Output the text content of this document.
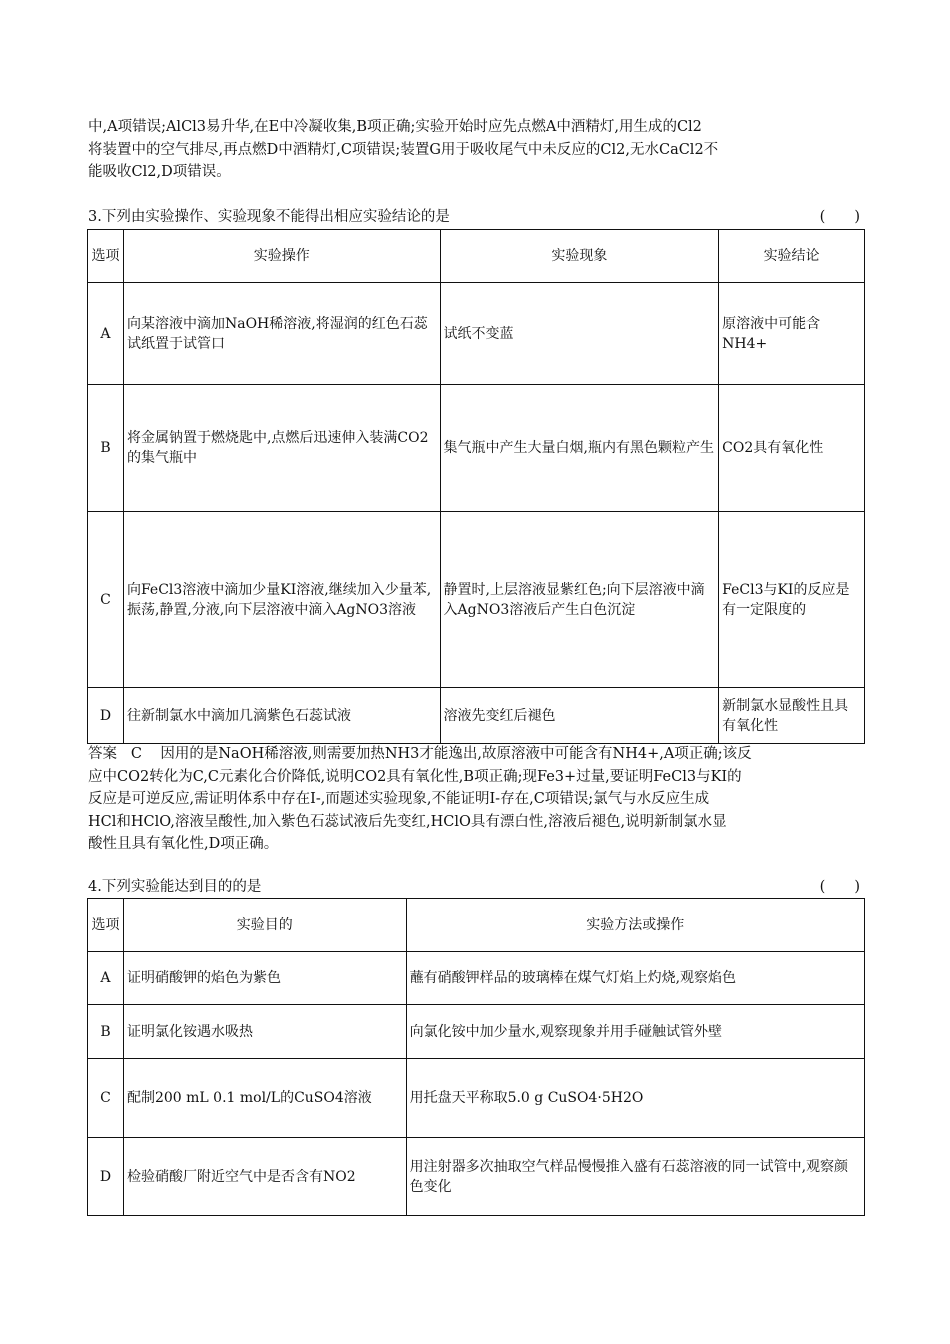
中,A项错误;AlCl3易升华,在E中冷凝收集,B项正确;实验开始时应先点燃A中酒精灯,用生成的Cl2
将装置中的空气排尽,再点燃D中酒精灯,C项错误;装置G用于吸收尾气中未反应的Cl2,无水CaCl2不
能吸收Cl2,D项错误。
3.下列由实验操作、实验现象不能得出相应实验结论的是	(　　)
选项	实验操作	实验现象	实验结论
A	向某溶液中滴加NaOH稀溶液,将湿润的红色石蕊试纸置于试管口	试纸不变蓝	原溶液中可能含NH4+
B	将金属钠置于燃烧匙中,点燃后迅速伸入装满CO2的集气瓶中	集气瓶中产生大量白烟,瓶内有黑色颗粒产生	CO2具有氧化性
C	向FeCl3溶液中滴加少量KI溶液,继续加入少量苯,振荡,静置,分液,向下层溶液中滴入AgNO3溶液	静置时,上层溶液显紫红色;向下层溶液中滴入AgNO3溶液后产生白色沉淀	FeCl3与KI的反应是有一定限度的
D	往新制氯水中滴加几滴紫色石蕊试液	溶液先变红后褪色	新制氯水显酸性且具有氧化性
答案 C 因用的是NaOH稀溶液,则需要加热NH3才能逸出,故原溶液中可能含有NH4+,A项正确;该反
应中CO2转化为C,C元素化合价降低,说明CO2具有氧化性,B项正确;现Fe3+过量,要证明FeCl3与KI的
反应是可逆反应,需证明体系中存在I-,而题述实验现象,不能证明I-存在,C项错误;氯气与水反应生成
HCl和HClO,溶液呈酸性,加入紫色石蕊试液后先变红,HClO具有漂白性,溶液后褪色,说明新制氯水显
酸性且具有氧化性,D项正确。
4.下列实验能达到目的的是	(　　)
选项	实验目的	实验方法或操作
A	证明硝酸钾的焰色为紫色	蘸有硝酸钾样品的玻璃棒在煤气灯焰上灼烧,观察焰色
B	证明氯化铵遇水吸热	向氯化铵中加少量水,观察现象并用手碰触试管外壁
C	配制200 mL 0.1 mol/L的CuSO4溶液	用托盘天平称取5.0 g CuSO4·5H2O
D	检验硝酸厂附近空气中是否含有NO2	用注射器多次抽取空气样品慢慢推入盛有石蕊溶液的同一试管中,观察颜色变化
